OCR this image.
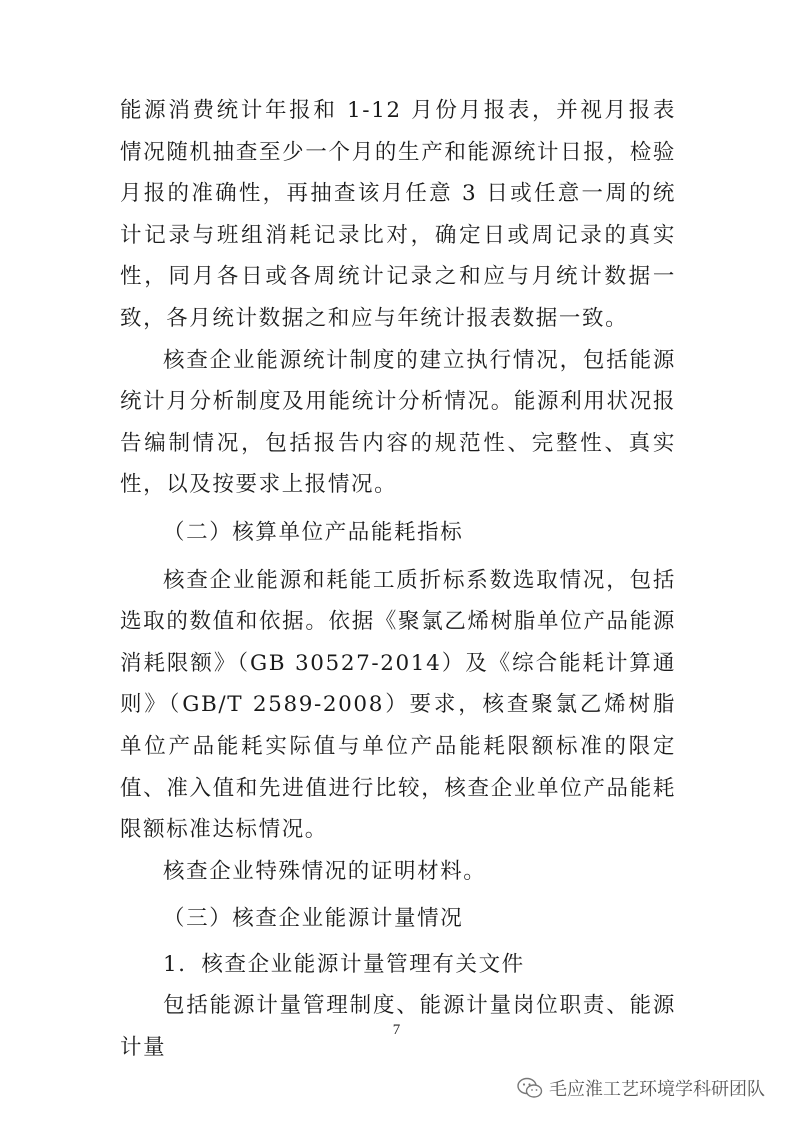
能源消费统计年报和 1-12 月份月报表，并视月报表情况随机抽查至少一个月的生产和能源统计日报，检验月报的准确性，再抽查该月任意 3 日或任意一周的统计记录与班组消耗记录比对，确定日或周记录的真实性，同月各日或各周统计记录之和应与月统计数据一致，各月统计数据之和应与年统计报表数据一致。

核查企业能源统计制度的建立执行情况，包括能源统计月分析制度及用能统计分析情况。能源利用状况报告编制情况，包括报告内容的规范性、完整性、真实性，以及按要求上报情况。

（二）核算单位产品能耗指标

核查企业能源和耗能工质折标系数选取情况，包括选取的数值和依据。依据《聚氯乙烯树脂单位产品能源消耗限额》（GB 30527-2014）及《综合能耗计算通则》（GB/T 2589-2008）要求，核查聚氯乙烯树脂单位产品能耗实际值与单位产品能耗限额标准的限定值、准入值和先进值进行比较，核查企业单位产品能耗限额标准达标情况。

核查企业特殊情况的证明材料。

（三）核查企业能源计量情况

1．核查企业能源计量管理有关文件

包括能源计量管理制度、能源计量岗位职责、能源计量

7
毛应淮工艺环境学科研团队
